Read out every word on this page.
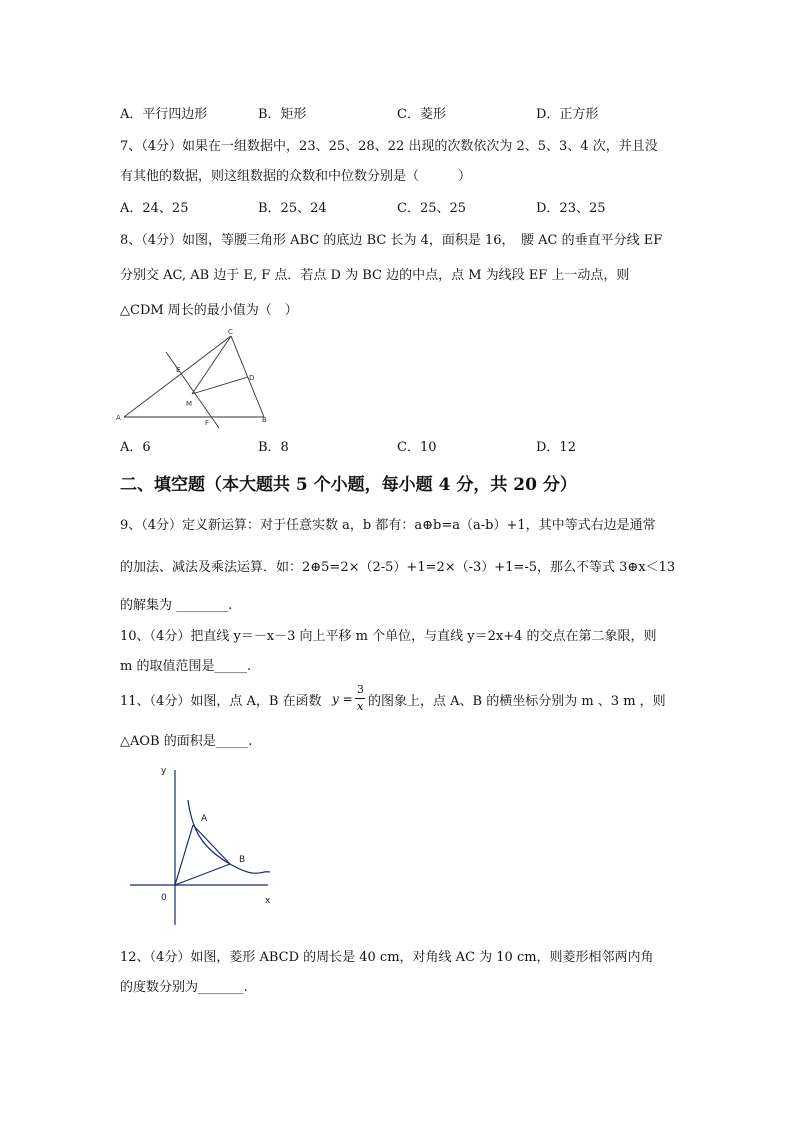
A．平行四边形	B．矩形	C．菱形	D．正方形
7、（4分）如果在一组数据中，23、25、28、22 出现的次数依次为 2、5、3、4 次，并且没
有其他的数据，则这组数据的众数和中位数分别是（　　　）
A．24、25	B．25、24	C．25、25	D．23、25
8、（4分）如图，等腰三角形 ABC 的底边 BC 长为 4，面积是 16，　腰 AC 的垂直平分线 EF
分别交 AC, AB 边于 E, F 点．若点 D 为 BC 边的中点，点 M 为线段 EF 上一动点，则
△CDM 周长的最小值为（　）
C
D
E
M
A	B
F
A．6	B．8	C．10	D．12
二、填空题（本大题共 5 个小题，每小题 4 分，共 20 分）
9、（4分）定义新运算：对于任意实数 a，b 都有：a⊕b=a（a-b）+1，其中等式右边是通常
的加法、减法及乘法运算．如：2⊕5=2×（2-5）+1=2×（-3）+1=-5，那么不等式 3⊕x＜13
的解集为 ________.
10、（4分）把直线 y＝－x－3 向上平移 m 个单位，与直线 y＝2x+4 的交点在第二象限，则
m 的取值范围是_____.
11、（4分）如图，点 A，B 在函数 y =
3
x 的图象上，点 A、B 的横坐标分别为 m 、3 m ，则
△AOB 的面积是_____.
y
x
0
A
B
12、（4分）如图，菱形 ABCD 的周长是 40 cm，对角线 AC 为 10 cm，则菱形相邻两内角
的度数分别为_______.
